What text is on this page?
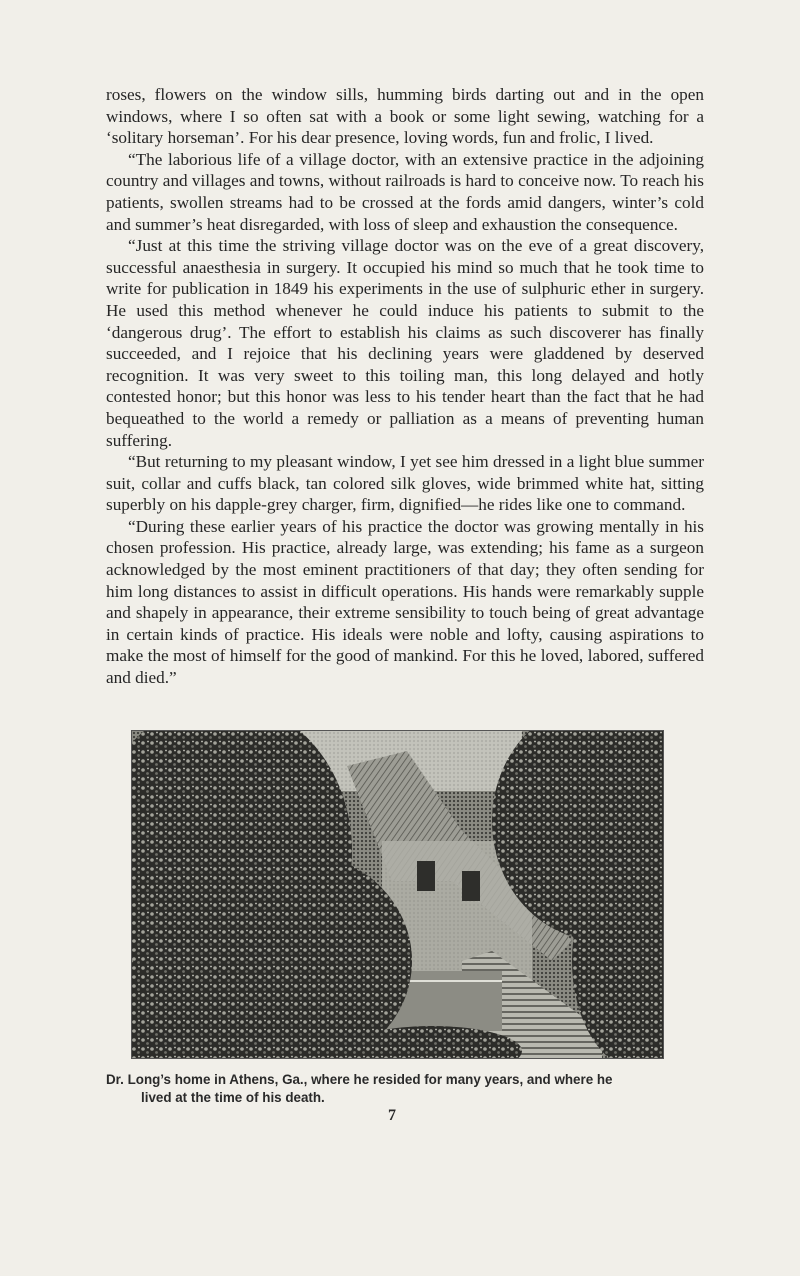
roses, flowers on the window sills, humming birds darting out and in the open windows, where I so often sat with a book or some light sewing, watching for a ‘solitary horseman’. For his dear presence, loving words, fun and frolic, I lived.

“The laborious life of a village doctor, with an extensive practice in the adjoining country and villages and towns, without railroads is hard to conceive now. To reach his patients, swollen streams had to be crossed at the fords amid dangers, winter’s cold and summer’s heat disregarded, with loss of sleep and exhaustion the consequence.

“Just at this time the striving village doctor was on the eve of a great discovery, successful anaesthesia in surgery. It occupied his mind so much that he took time to write for publication in 1849 his experiments in the use of sulphuric ether in surgery. He used this method whenever he could induce his patients to submit to the ‘dangerous drug’. The effort to establish his claims as such discoverer has finally succeeded, and I rejoice that his declining years were gladdened by deserved recognition. It was very sweet to this toiling man, this long delayed and hotly contested honor; but this honor was less to his tender heart than the fact that he had bequeathed to the world a remedy or palliation as a means of preventing human suffering.

“But returning to my pleasant window, I yet see him dressed in a light blue summer suit, collar and cuffs black, tan colored silk gloves, wide brimmed white hat, sitting superbly on his dapple-grey charger, firm, dignified—he rides like one to command.

“During these earlier years of his practice the doctor was growing mentally in his chosen profession. His practice, already large, was extending; his fame as a surgeon acknowledged by the most eminent practitioners of that day; they often sending for him long distances to assist in difficult operations. His hands were remarkably supple and shapely in appearance, their extreme sensibility to touch being of great advantage in certain kinds of practice. His ideals were noble and lofty, causing aspirations to make the most of himself for the good of mankind. For this he loved, labored, suffered and died.”

Dr. Long’s home in Athens, Ga., where he resided for many years, and where he
lived at the time of his death.
7
